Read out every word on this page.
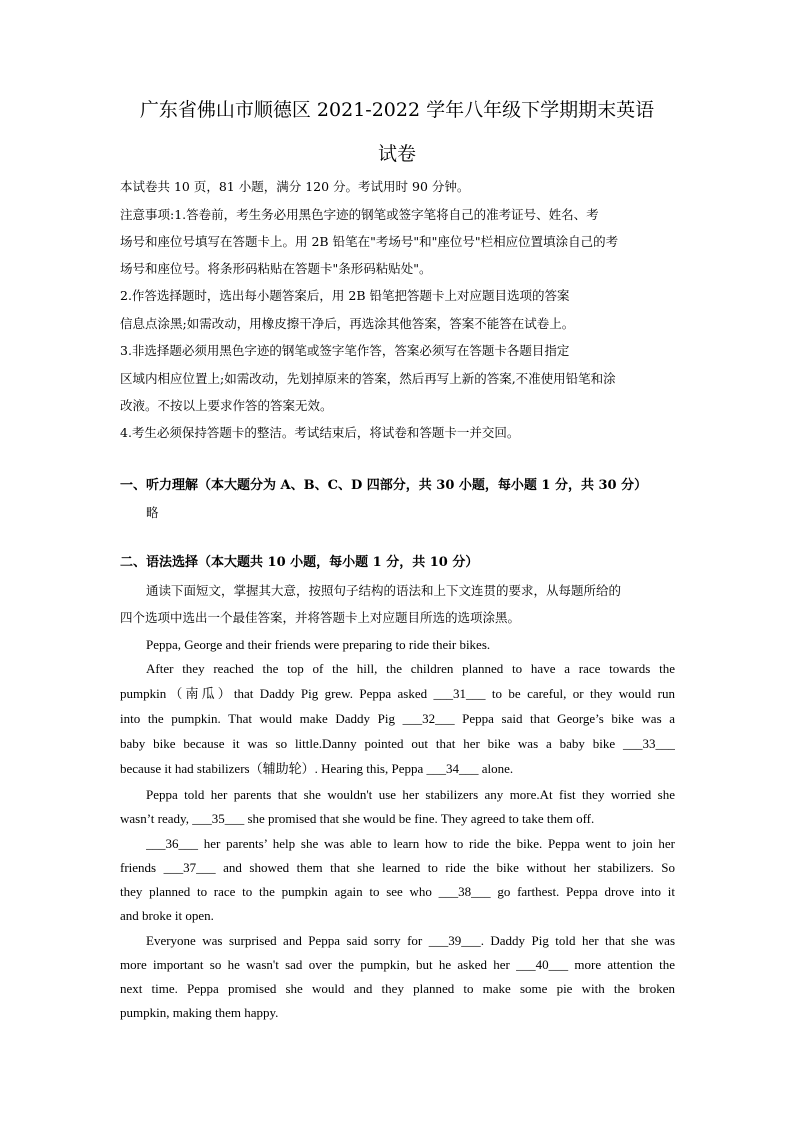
广东省佛山市顺德区 2021-2022 学年八年级下学期期末英语
试卷
本试卷共 10 页，81 小题，满分 120 分。考试用时 90 分钟。
注意事项:1.答卷前，考生务必用黑色字迹的钢笔或签字笔将自己的准考证号、姓名、考
场号和座位号填写在答题卡上。用 2B 铅笔在"考场号"和"座位号"栏相应位置填涂自己的考
场号和座位号。将条形码粘贴在答题卡"条形码粘贴处"。
2.作答选择题时，选出每小题答案后，用 2B 铅笔把答题卡上对应题目选项的答案
信息点涂黑;如需改动，用橡皮擦干净后，再选涂其他答案，答案不能答在试卷上。
3.非选择题必须用黑色字迹的钢笔或签字笔作答，答案必须写在答题卡各题目指定
区域内相应位置上;如需改动，先划掉原来的答案，然后再写上新的答案,不准使用铅笔和涂
改液。不按以上要求作答的答案无效。
4.考生必须保持答题卡的整洁。考试结束后，将试卷和答题卡一并交回。
一、听力理解（本大题分为 A、B、C、D 四部分，共 30 小题，每小题 1 分，共 30 分）
略
二、语法选择（本大题共 10 小题，每小题 1 分，共 10 分）
通读下面短文，掌握其大意，按照句子结构的语法和上下文连贯的要求，从每题所给的
四个选项中选出一个最佳答案，并将答题卡上对应题目所选的选项涂黑。
Peppa, George and their friends were preparing to ride their bikes.
After they reached the top of the hill, the children planned to have a race towards the
pumpkin（南瓜）that Daddy Pig grew. Peppa asked ___31___ to be careful, or they would run
into the pumpkin. That would make Daddy Pig ___32___ Peppa said that George’s bike was a
baby bike because it was so little.Danny pointed out that her bike was a baby bike ___33___
because it had stabilizers（辅助轮）. Hearing this, Peppa ___34___ alone.
Peppa told her parents that she wouldn't use her stabilizers any more.At fist they worried she
wasn’t ready, ___35___ she promised that she would be fine. They agreed to take them off.
___36___ her parents’ help she was able to learn how to ride the bike. Peppa went to join her
friends ___37___ and showed them that she learned to ride the bike without her stabilizers. So
they planned to race to the pumpkin again to see who ___38___ go farthest. Peppa drove into it
and broke it open.
Everyone was surprised and Peppa said sorry for ___39___. Daddy Pig told her that she was
more important so he wasn't sad over the pumpkin, but he asked her ___40___ more attention the
next time. Peppa promised she would and they planned to make some pie with the broken
pumpkin, making them happy.
